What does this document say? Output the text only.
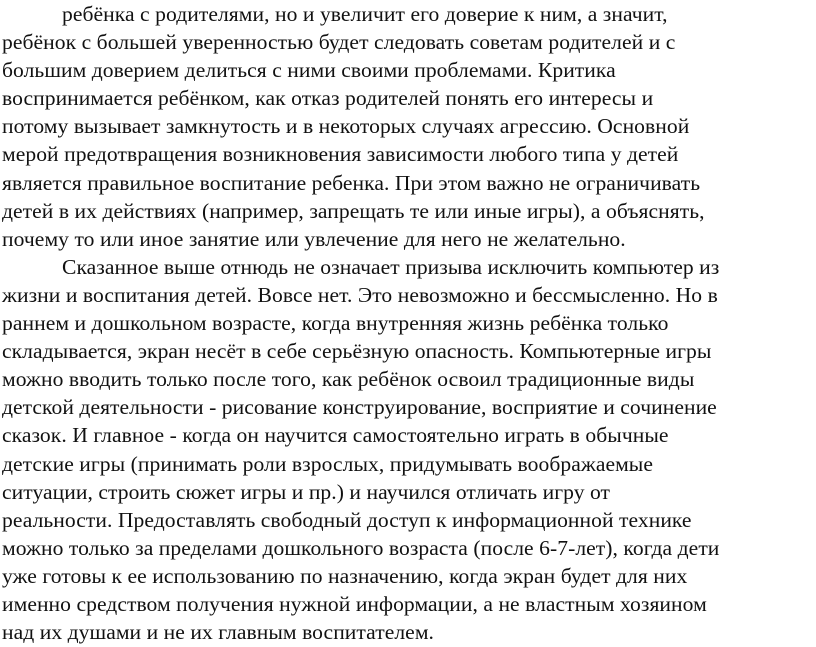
ребёнка с родителями, но и увеличит его доверие к ним, а значит,
ребёнок с большей уверенностью будет следовать советам родителей и с
большим доверием делиться с ними своими проблемами. Критика
воспринимается ребёнком, как отказ родителей понять его интересы и
потому вызывает замкнутость и в некоторых случаях агрессию. Основной
мерой предотвращения возникновения зависимости любого типа у детей
является правильное воспитание ребенка. При этом важно не ограничивать
детей в их действиях (например, запрещать те или иные игры), а объяснять,
почему то или иное занятие или увлечение для него не желательно.
Сказанное выше отнюдь не означает призыва исключить компьютер из
жизни и воспитания детей. Вовсе нет. Это невозможно и бессмысленно. Но в
раннем и дошкольном возрасте, когда внутренняя жизнь ребёнка только
складывается, экран несёт в себе серьёзную опасность. Компьютерные игры
можно вводить только после того, как ребёнок освоил традиционные виды
детской деятельности - рисование конструирование, восприятие и сочинение
сказок. И главное - когда он научится самостоятельно играть в обычные
детские игры (принимать роли взрослых, придумывать воображаемые
ситуации, строить сюжет игры и пр.) и научился отличать игру от
реальности. Предоставлять свободный доступ к информационной технике
можно только за пределами дошкольного возраста (после 6-7-лет), когда дети
уже готовы к ее использованию по назначению, когда экран будет для них
именно средством получения нужной информации, а не властным хозяином
над их душами и не их главным воспитателем.
